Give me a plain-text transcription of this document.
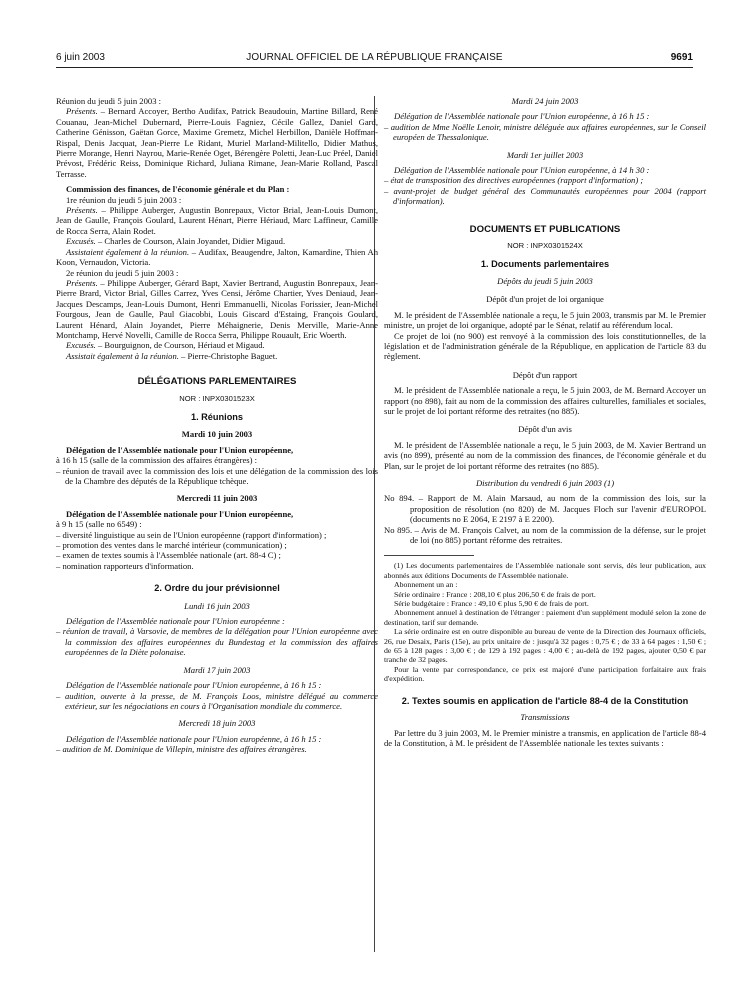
6 juin 2003	JOURNAL OFFICIEL DE LA RÉPUBLIQUE FRANÇAISE	9691

Réunion du jeudi 5 juin 2003 :

Présents. – Bernard Accoyer, Bertho Audifax, Patrick Beaudouin, Martine Billard, René Couanau, Jean-Michel Dubernard, Pierre-Louis Fagniez, Cécile Gallez, Daniel Gard, Catherine Génisson, Gaëtan Gorce, Maxime Gremetz, Michel Herbillon, Danièle Hoffman-Rispal, Denis Jacquat, Jean-Pierre Le Ridant, Muriel Marland-Militello, Didier Mathus, Pierre Morange, Henri Nayrou, Marie-Renée Oget, Bérengère Poletti, Jean-Luc Préel, Daniel Prévost, Frédéric Reiss, Dominique Richard, Juliana Rimane, Jean-Marie Rolland, Pascal Terrasse.

Commission des finances, de l'économie générale et du Plan :

1re réunion du jeudi 5 juin 2003 :

Présents. – Philippe Auberger, Augustin Bonrepaux, Victor Brial, Jean-Louis Dumont, Jean de Gaulle, François Goulard, Laurent Hénart, Pierre Hériaud, Marc Laffineur, Camille de Rocca Serra, Alain Rodet.

Excusés. – Charles de Courson, Alain Joyandet, Didier Migaud.

Assistaient également à la réunion. – Audifax, Beaugendre, Jalton, Kamardine, Thien Ah Koon, Vernaudon, Victoria.

2e réunion du jeudi 5 juin 2003 :

Présents. – Philippe Auberger, Gérard Bapt, Xavier Bertrand, Augustin Bonrepaux, Jean-Pierre Brard, Victor Brial, Gilles Carrez, Yves Censi, Jérôme Chartier, Yves Deniaud, Jean-Jacques Descamps, Jean-Louis Dumont, Henri Emmanuelli, Nicolas Forissier, Jean-Michel Fourgous, Jean de Gaulle, Paul Giacobbi, Louis Giscard d'Estaing, François Goulard, Laurent Hénard, Alain Joyandet, Pierre Méhaignerie, Denis Merville, Marie-Anne Montchamp, Hervé Novelli, Camille de Rocca Serra, Philippe Rouault, Eric Woerth.

Excusés. – Bourguignon, de Courson, Hériaud et Migaud.

Assistait également à la réunion. – Pierre-Christophe Baguet.

DÉLÉGATIONS PARLEMENTAIRES
NOR : INPX0301523X
1. Réunions
Mardi 10 juin 2003

Délégation de l'Assemblée nationale pour l'Union européenne,
à 16 h 15 (salle de la commission des affaires étrangères) :

– réunion de travail avec la commission des lois et une délégation de la commission des lois de la Chambre des députés de la République tchèque.
Mercredi 11 juin 2003

Délégation de l'Assemblée nationale pour l'Union européenne,
à 9 h 15 (salle no 6549) :

– diversité linguistique au sein de l'Union européenne (rapport d'information) ;
– promotion des ventes dans le marché intérieur (communication) ;
– examen de textes soumis à l'Assemblée nationale (art. 88-4 C) ;
– nomination rapporteurs d'information.
2. Ordre du jour prévisionnel
Lundi 16 juin 2003

Délégation de l'Assemblée nationale pour l'Union européenne :

– réunion de travail, à Varsovie, de membres de la délégation pour l'Union européenne avec la commission des affaires européennes du Bundestag et la commission des affaires européennes de la Diète polonaise.
Mardi 17 juin 2003

Délégation de l'Assemblée nationale pour l'Union européenne, à 16 h 15 :

– audition, ouverte à la presse, de M. François Loos, ministre délégué au commerce extérieur, sur les négociations en cours à l'Organisation mondiale du commerce.
Mercredi 18 juin 2003

Délégation de l'Assemblée nationale pour l'Union européenne, à 16 h 15 :

– audition de M. Dominique de Villepin, ministre des affaires étrangères.
Mardi 24 juin 2003

Délégation de l'Assemblée nationale pour l'Union européenne, à 16 h 15 :

– audition de Mme Noëlle Lenoir, ministre déléguée aux affaires européennes, sur le Conseil européen de Thessalonique.
Mardi 1er juillet 2003

Délégation de l'Assemblée nationale pour l'Union européenne, à 14 h 30 :

– état de transposition des directives européennes (rapport d'information) ;
– avant-projet de budget général des Communautés européennes pour 2004 (rapport d'information).
DOCUMENTS ET PUBLICATIONS
NOR : INPX0301524X
1. Documents parlementaires
Dépôts du jeudi 5 juin 2003
Dépôt d'un projet de loi organique

M. le président de l'Assemblée nationale a reçu, le 5 juin 2003, transmis par M. le Premier ministre, un projet de loi organique, adopté par le Sénat, relatif au référendum local.

Ce projet de loi (no 900) est renvoyé à la commission des lois constitutionnelles, de la législation et de l'administration générale de la République, en application de l'article 83 du règlement.

Dépôt d'un rapport

M. le président de l'Assemblée nationale a reçu, le 5 juin 2003, de M. Bernard Accoyer un rapport (no 898), fait au nom de la commission des affaires culturelles, familiales et sociales, sur le projet de loi portant réforme des retraites (no 885).

Dépôt d'un avis

M. le président de l'Assemblée nationale a reçu, le 5 juin 2003, de M. Xavier Bertrand un avis (no 899), présenté au nom de la commission des finances, de l'économie générale et du Plan, sur le projet de loi portant réforme des retraites (no 885).

Distribution du vendredi 6 juin 2003 (1)

No 894. – Rapport de M. Alain Marsaud, au nom de la commission des lois, sur la proposition de résolution (no 820) de M. Jacques Floch sur l'avenir d'EUROPOL (documents no E 2064, E 2197 à E 2200).

No 895. – Avis de M. François Calvet, au nom de la commission de la défense, sur le projet de loi (no 885) portant réforme des retraites.

(1) Les documents parlementaires de l'Assemblée nationale sont servis, dès leur publication, aux abonnés aux éditions Documents de l'Assemblée nationale.

Abonnement un an :

Série ordinaire : France : 208,10 € plus 206,50 € de frais de port.

Série budgétaire : France : 49,10 € plus 5,90 € de frais de port.

Abonnement annuel à destination de l'étranger : paiement d'un supplément modulé selon la zone de destination, tarif sur demande.

La série ordinaire est en outre disponible au bureau de vente de la Direction des Journaux officiels, 26, rue Desaix, Paris (15e), au prix unitaire de : jusqu'à 32 pages : 0,75 € ; de 33 à 64 pages : 1,50 € ; de 65 à 128 pages : 3,00 € ; de 129 à 192 pages : 4,00 € ; au-delà de 192 pages, ajouter 0,50 € par tranche de 32 pages.

Pour la vente par correspondance, ce prix est majoré d'une participation forfaitaire aux frais d'expédition.

2. Textes soumis en application de l'article 88-4 de la Constitution
Transmissions

Par lettre du 3 juin 2003, M. le Premier ministre a transmis, en application de l'article 88-4 de la Constitution, à M. le président de l'Assemblée nationale les textes suivants :
